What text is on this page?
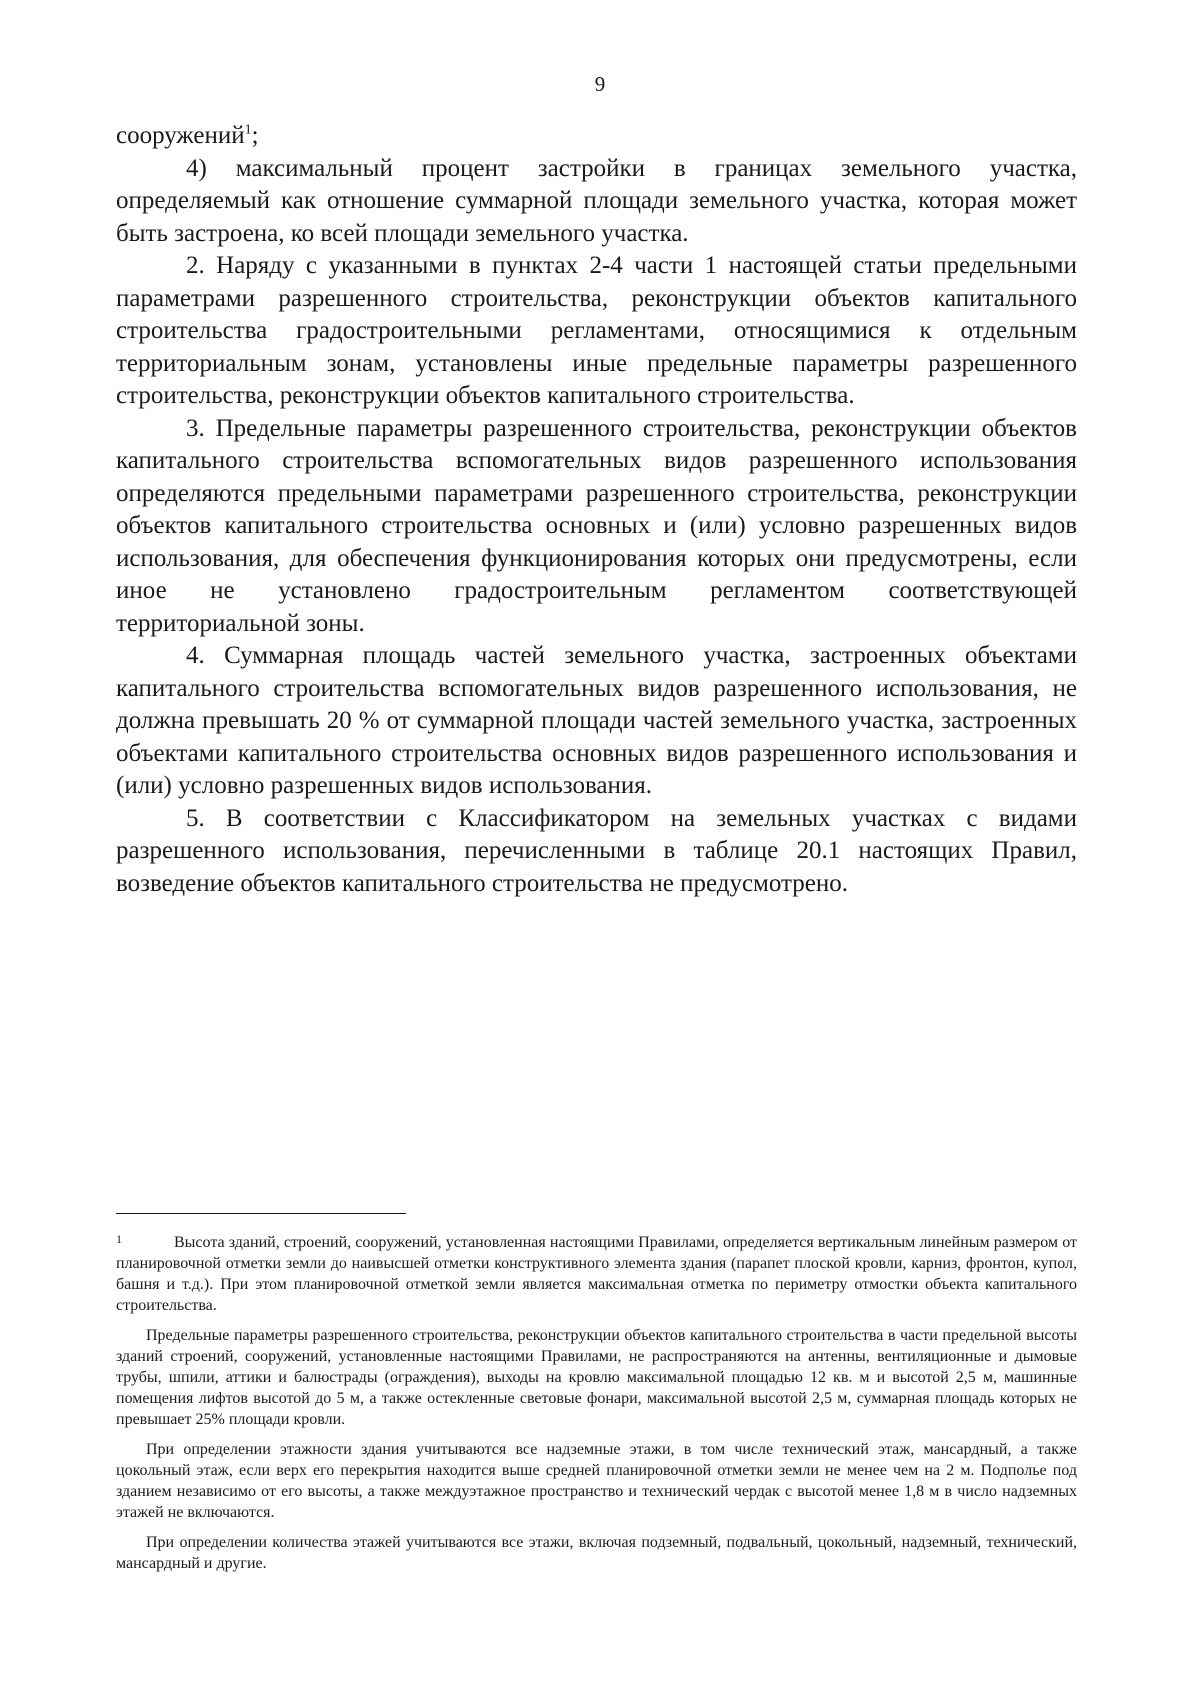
9

сооружений$^1$;

4) максимальный процент застройки в границах земельного участка, определяемый как отношение суммарной площади земельного участка, которая может быть застроена, ко всей площади земельного участка.

2. Наряду с указанными в пунктах 2-4 части 1 настоящей статьи предельными параметрами разрешенного строительства, реконструкции объектов капитального строительства градостроительными регламентами, относящимися к отдельным территориальным зонам, установлены иные предельные параметры разрешенного строительства, реконструкции объектов капитального строительства.

3. Предельные параметры разрешенного строительства, реконструкции объектов капитального строительства вспомогательных видов разрешенного использования определяются предельными параметрами разрешенного строительства, реконструкции объектов капитального строительства основных и (или) условно разрешенных видов использования, для обеспечения функционирования которых они предусмотрены, если иное не установлено градостроительным регламентом соответствующей территориальной зоны.

4. Суммарная площадь частей земельного участка, застроенных объектами капитального строительства вспомогательных видов разрешенного использования, не должна превышать 20 % от суммарной площади частей земельного участка, застроенных объектами капитального строительства основных видов разрешенного использования и (или) условно разрешенных видов использования.

5. В соответствии с Классификатором на земельных участках с видами разрешенного использования, перечисленными в таблице 20.1 настоящих Правил, возведение объектов капитального строительства не предусмотрено.

1	Высота зданий, строений, сооружений, установленная настоящими Правилами, определяется вертикальным линейным размером от планировочной отметки земли до наивысшей отметки конструктивного элемента здания (парапет плоской кровли, карниз, фронтон, купол, башня и т.д.). При этом планировочной отметкой земли является максимальная отметка по периметру отмостки объекта капитального строительства.

Предельные параметры разрешенного строительства, реконструкции объектов капитального строительства в части предельной высоты зданий строений, сооружений, установленные настоящими Правилами, не распространяются на антенны, вентиляционные и дымовые трубы, шпили, аттики и балюстрады (ограждения), выходы на кровлю максимальной площадью 12 кв. м и высотой 2,5 м, машинные помещения лифтов высотой до 5 м, а также остекленные световые фонари, максимальной высотой 2,5 м, суммарная площадь которых не превышает 25% площади кровли.

При определении этажности здания учитываются все надземные этажи, в том числе технический этаж, мансардный, а также цокольный этаж, если верх его перекрытия находится выше средней планировочной отметки земли не менее чем на 2 м. Подполье под зданием независимо от его высоты, а также междуэтажное пространство и технический чердак с высотой менее 1,8 м в число надземных этажей не включаются.

При определении количества этажей учитываются все этажи, включая подземный, подвальный, цокольный, надземный, технический, мансардный и другие.
